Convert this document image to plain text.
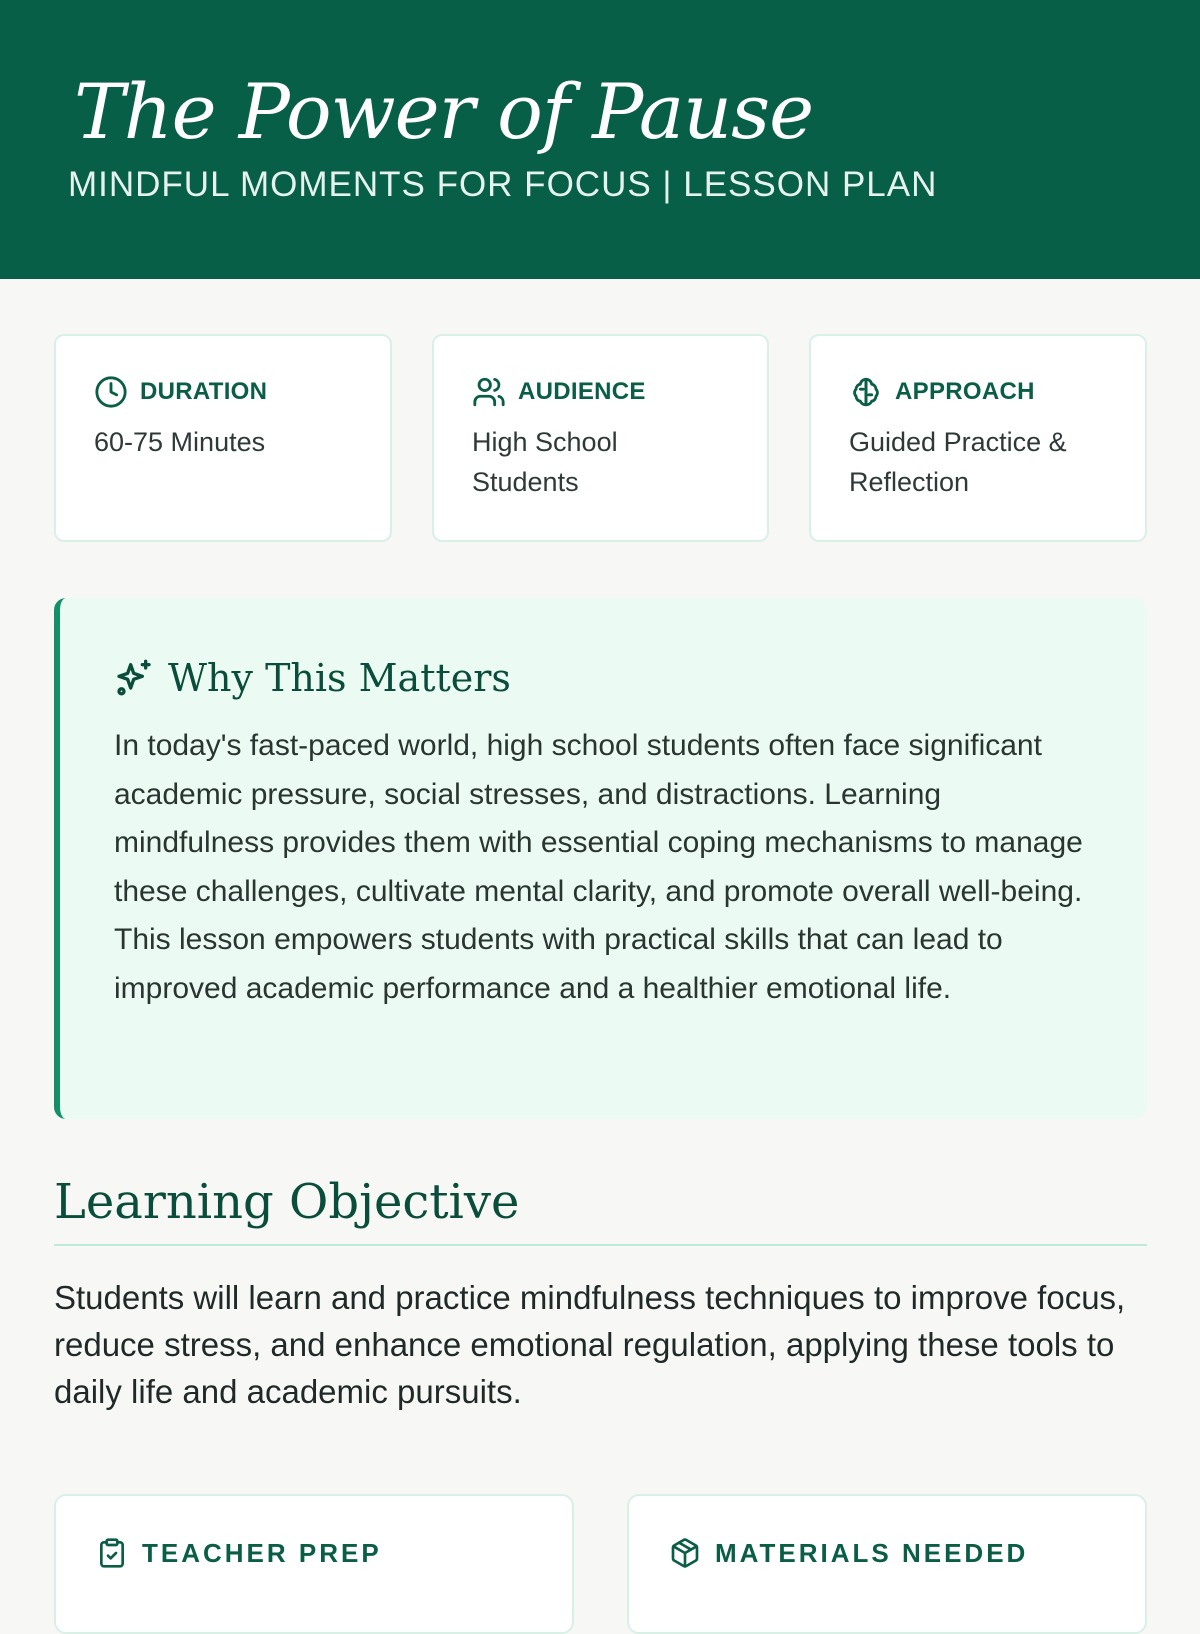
The Power of Pause
MINDFUL MOMENTS FOR FOCUS | LESSON PLAN
DURATION
60-75 Minutes
AUDIENCE
High School Students
APPROACH
Guided Practice & Reflection
Why This Matters
In today's fast-paced world, high school students often face significant academic pressure, social stresses, and distractions. Learning mindfulness provides them with essential coping mechanisms to manage these challenges, cultivate mental clarity, and promote overall well-being. This lesson empowers students with practical skills that can lead to improved academic performance and a healthier emotional life.
Learning Objective
Students will learn and practice mindfulness techniques to improve focus, reduce stress, and enhance emotional regulation, applying these tools to daily life and academic pursuits.
TEACHER PREP	MATERIALS NEEDED
